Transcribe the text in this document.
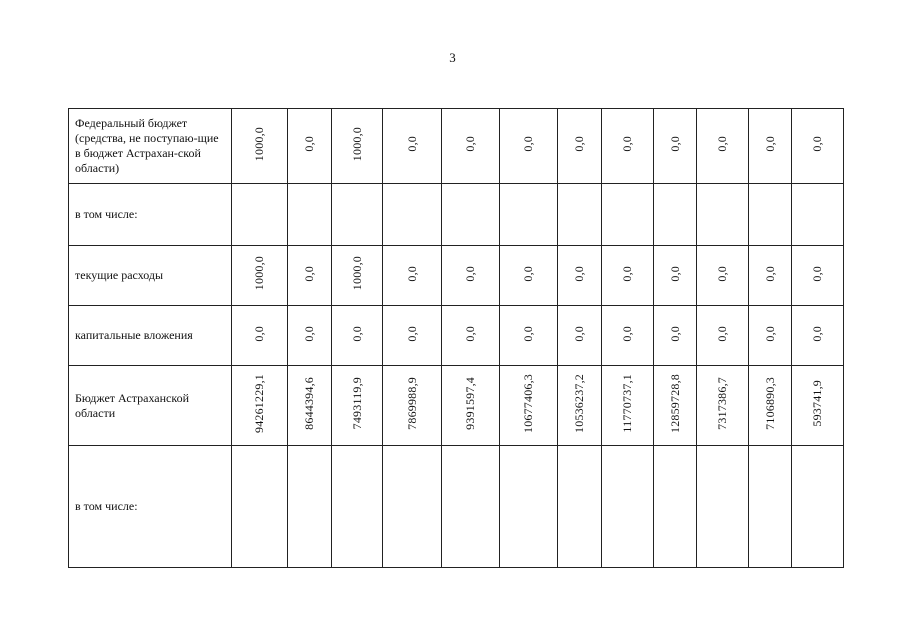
3
Федеральный бюджет (средства, не поступаю-щие в бюджет Астрахан-ской области)	1000,0	0,0	1000,0	0,0	0,0	0,0	0,0	0,0	0,0	0,0	0,0	0,0
в том числе:												
текущие расходы	1000,0	0,0	1000,0	0,0	0,0	0,0	0,0	0,0	0,0	0,0	0,0	0,0
капитальные вложения	0,0	0,0	0,0	0,0	0,0	0,0	0,0	0,0	0,0	0,0	0,0	0,0
Бюджет Астраханской области	94261229,1	8644394,6	7493119,9	7869988,9	9391597,4	10677406,3	10536237,2	11770737,1	12859728,8	7317386,7	7106890,3	593741,9
в том числе:												
